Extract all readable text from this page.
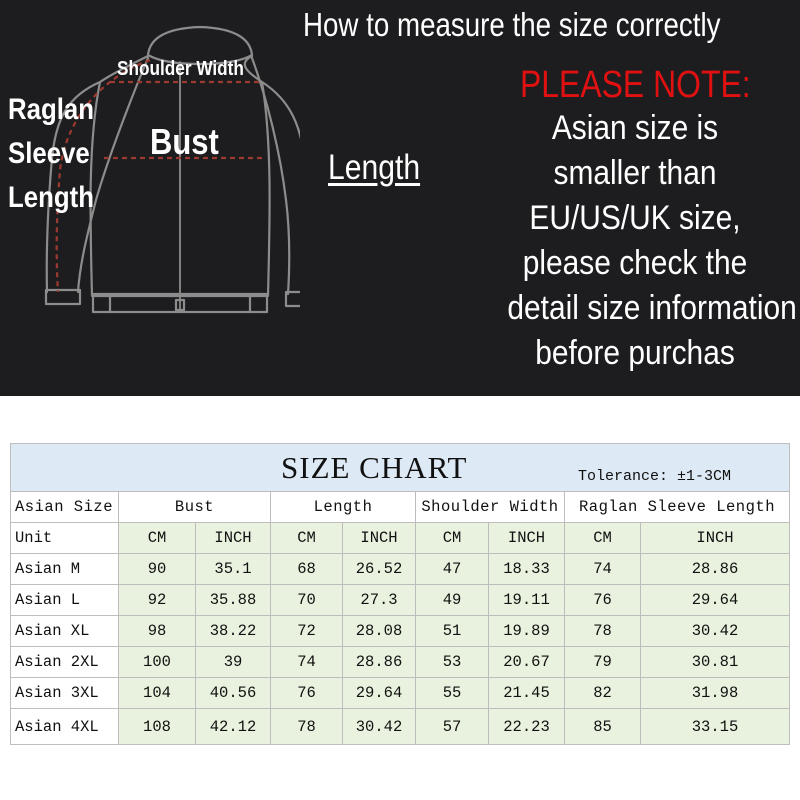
Shoulder Width
Raglan
Sleeve
Length
Bust
Length
How to measure the size correctly
PLEASE NOTE:
Asian size is
smaller than
EU/US/UK size,
please check the
detail size information
before purchas
SIZE CHART Tolerance: ±1-3CM								

Asian Size	Bust		Length		Shoulder Width		Raglan Sleeve Length	
Unit	CM	INCH	CM	INCH	CM	INCH	CM	INCH
Asian M	90	35.1	68	26.52	47	18.33	74	28.86
Asian L	92	35.88	70	27.3	49	19.11	76	29.64
Asian XL	98	38.22	72	28.08	51	19.89	78	30.42
Asian 2XL	100	39	74	28.86	53	20.67	79	30.81
Asian 3XL	104	40.56	76	29.64	55	21.45	82	31.98
Asian 4XL	108	42.12	78	30.42	57	22.23	85	33.15
